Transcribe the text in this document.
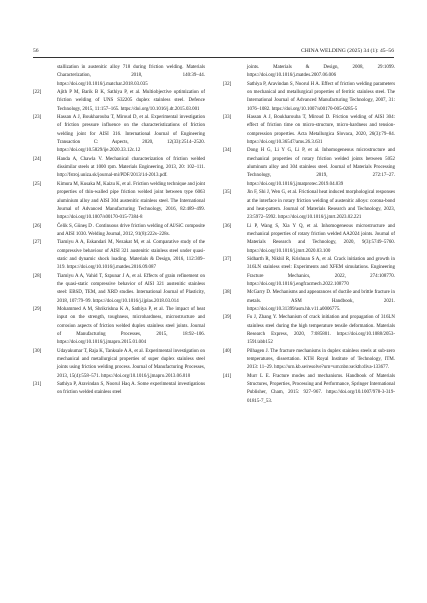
56	CHINA WELDING (2025) 34 (1): 45–56
stallization in austenitic alloy 718 during friction welding. Materials Characterization, 2018, 140:39–44. https://doi.org/10.1016/j.matchar.2018.03.035
[22]	Ajith P M, Barik B K, Sathiya P, et al. Multiobjective optimization of friction welding of UNS S32205 duplex stainless steel. Defence Technology, 2015, 11:157–165. https://doi.org/10.1016/j.dt.2015.03.001
[23]	Hassan A J, Boukharouba T, Miroud D, et al. Experimental investigation of friction pressure influence on the characteristizations of friction welding joint for AISI 316. International Journal of Engineering Transaction C: Aspects, 2020, 12(33):2514–2520. https://doi.org/10.5829/ije.2020.33.12c.12
[24]	Handa A, Chawla V. Mechanical characterization of friction welded dissimilar steels at 1000 rpm. Materials Engineering, 2013, 20: 102–111. http://fstroj.uniza.sk/journal-mi/PDF/2013/14-2013.pdf.
[25]	Kimura M, Kusaka M, Kaizu K, et al. Friction welding technique and joint properties of thin-walled pipe friction welded joint between type 6063 aluminium alloy and AISI 304 austenitic stainless steel. The International Journal of Advanced Manufacturing Technology, 2016, 82:489–499. https://doi.org/10.1007/s00170-015-7384-8
[26]	Čelik S, Güneş D . Continuous drive friction welding of AI/SiC composite and AISI 1030. Welding Journal, 2012, 91(8):222s–228s.
[27]	Tiamiyu A A, Eskandari M, Nezakat M, et al. Comparative study of the compressive behaviour of AISI 321 austenitic stainless steel under quasi-static and dynamic shock loading. Materials & Design, 2016, 112:309–319. https://doi.org/10.1016/j.matdes.2016.09.087
[28]	Tiamiyu A A, Vahid T, Szpunar J A, et al. Effects of grain refinement on the quasi-static compressive behavior of AISI 321 austenitic stainless steel: EBSD, TEM, and XRD studies. International Journal of Plasticity, 2018, 107:79–99. https://doi.org/10.1016/j.ijplas.2018.03.014
[29]	Mohammed A M, Shrikrishna K A, Sathiya P, et al. The impact of heat input on the strength, toughness, microhardness, microstructure and corrosion aspects of friction welded duplex stainless steel joints. Journal of Manufacturing Processes, 2015, 18:92–106. https://doi.org/10.1016/j.jmapro.2015.01.004
[30]	Udayakumar T, Raja K, Tanksale A A, et al. Experimental investigation on mechanical and metallurgical properties of super duplex stainless steel joints using friction welding process. Journal of Manufacturing Processes, 2013, 15(4):558–571. https://doi.org/10.1016/j.jmapro.2013.06.010
[31]	Sathiya P, Aravindan S, Noorul Haq A. Some experimental investigations on friction welded stainless steel
joints. Materials & Design, 2008, 29:1099. https://doi.org/10.1016/j.matdes.2007.06.006
[32]	Sathiya P, Aravindan S, Noorul H A. Effect of friction welding parameters on mechanical and metallurgical properties of ferritic stainless steel. The International Journal of Advanced Manufacturing Technology, 2007, 31: 1076–1082. https://doi.org/10.1007/s00170-005-0285-5
[33]	Hassan A J, Boukharouba T, Miroud D. Friction welding of AISI 304: effect of friction time on micro-structure, micro-hardness and tension-compression properties. Acta Metallurgica Slovaca, 2020, 26(3):79–84. https://doi.org/10.36547/ams.26.3.631
[34]	Dong H G, Li Y G, Li P, et al. Inhomogeneous microstructure and mechanical properties of rotary friction welded joints between 5052 aluminum alloy and 304 stainless steel. Journal of Materials Processing Technology, 2019, 272:17–27. https://doi.org/10.1016/j.jmatprotec.2019.04.039
[35]	Jin F, Shi J, Wen G, et al. Frictional heat induced morphological responses at the interface in rotary friction welding of austenitic alloys: corona-bond and heat-pattern. Journal of Materials Research and Technology, 2023, 23:5972–5992. https://doi.org/10.1016/j.jmrt.2023.02.221
[36]	Li P, Wang S, Xia Y Q, et al. Inhomogeneous microstructure and mechanical properties of rotary friction welded AA2024 joints. Journal of Materials Research and Technology, 2020, 9(3):5749–5760. https://doi.org/10.1016/j.jmrt.2020.03.100
[37]	Sidharth R, Nikhil R, Krishnan S A, et al. Crack initiation and growth in 316LN stainless steel: Experiments and XFEM simulations. Engineering Fracture Mechanics, 2022, 274:108770. https://doi.org/10.1016/j.engfracmech.2022.108770
[38]	McGarry D. Mechanisms and appearances of ductile and brittle fracture in metals. ASM Handbook, 2021. https://doi.org/10.31399/asm.hb.v11.a0006775.
[39]	Fu J, Zhang Y. Mechanism of crack initiation and propagation of 316LN stainless steel during the high temperature tensile deformation. Materials Research Express, 2020, 7:085801. https://doi.org/10.1088/2053-1591/abb152
[40]	Pilhagen J. The fracture mechanisms in duplex stainless steels at sub-zero temperatures, dissertation. KTH Royal Institute of Technology, ITM. 2013: 11–29. https://urn.kb.se/resolve?urn=urn:nbn:se:kth:diva-133677.
[41]	Murr L E. Fracture modes and mechanisms. Handbook of Materials Structures, Properties, Processing and Performance, Springer International Publisher, Cham, 2015: 927–967. https://doi.org/10.1007/978-3-319-01815-7_53.
